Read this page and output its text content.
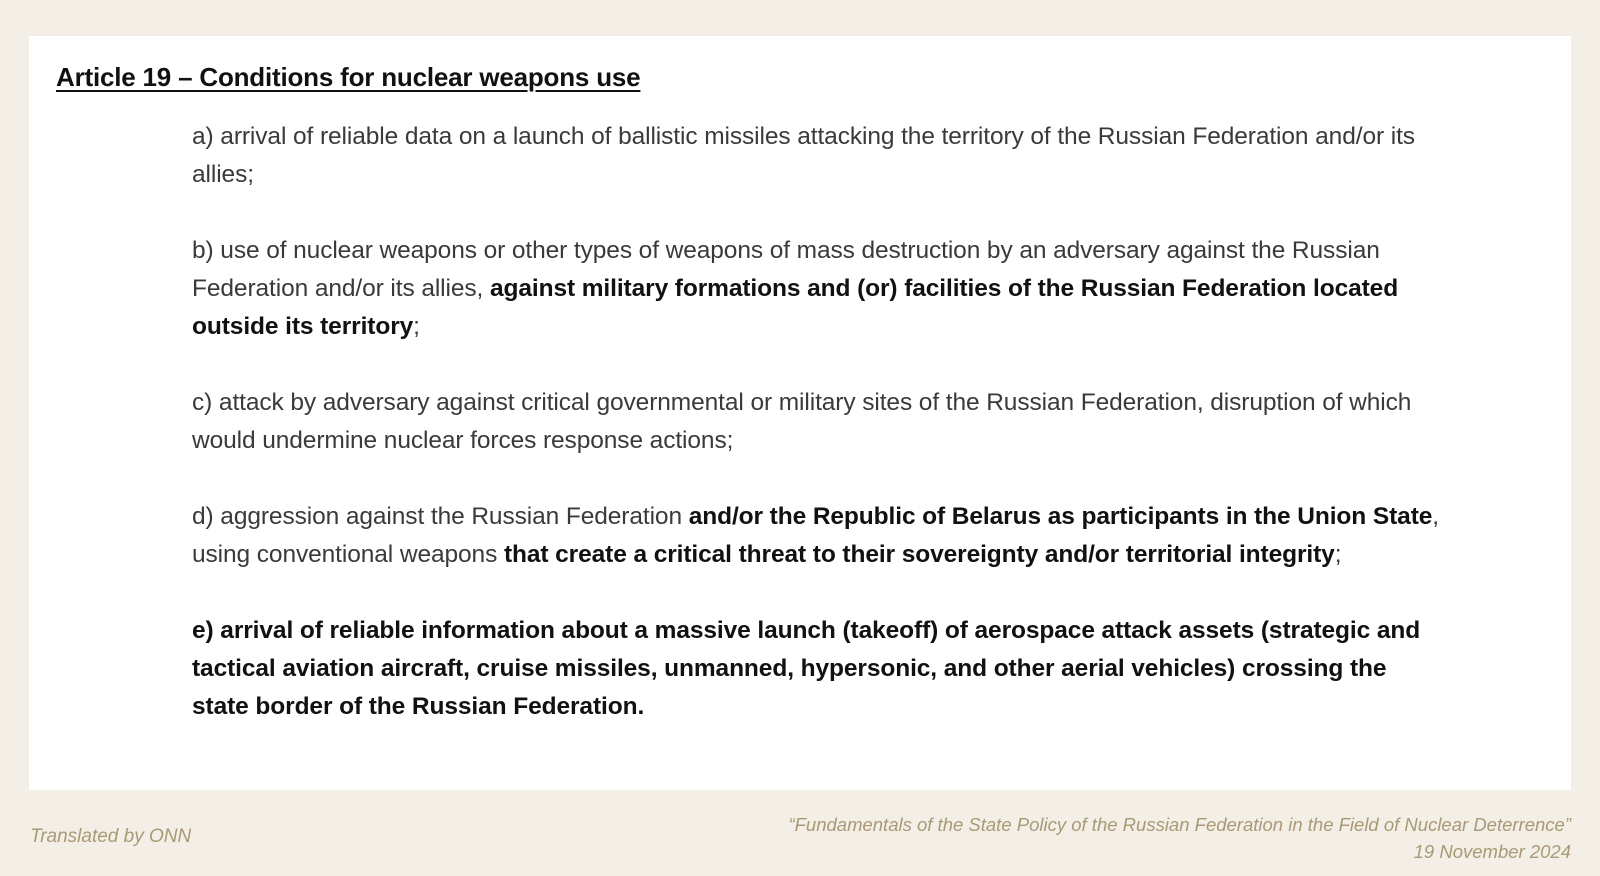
Article 19 – Conditions for nuclear weapons use

a) arrival of reliable data on a launch of ballistic missiles attacking the territory of the Russian Federation and/or its allies;

b) use of nuclear weapons or other types of weapons of mass destruction by an adversary against the Russian Federation and/or its allies, against military formations and (or) facilities of the Russian Federation located outside its territory;

c) attack by adversary against critical governmental or military sites of the Russian Federation, disruption of which would undermine nuclear forces response actions;

d) aggression against the Russian Federation and/or the Republic of Belarus as participants in the Union State, using conventional weapons that create a critical threat to their sovereignty and/or territorial integrity;

e) arrival of reliable information about a massive launch (takeoff) of aerospace attack assets (strategic and tactical aviation aircraft, cruise missiles, unmanned, hypersonic, and other aerial vehicles) crossing the state border of the Russian Federation.

Translated by ONN
“Fundamentals of the State Policy of the Russian Federation in the Field of Nuclear Deterrence”
19 November 2024
